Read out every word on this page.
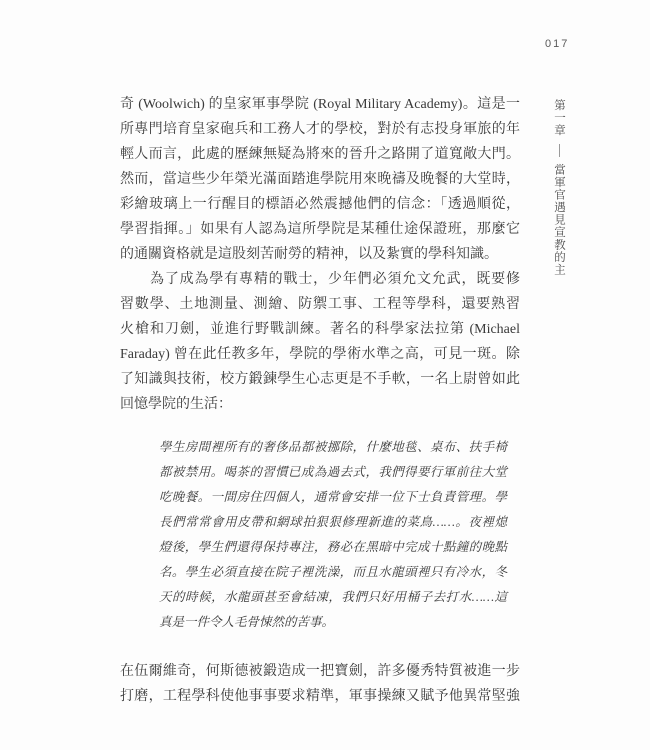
017
第一章當軍官遇見宣教的主
奇 (Woolwich) 的皇家軍事學院 (Royal Military Academy)。這是一
所專門培育皇家砲兵和工務人才的學校，對於有志投身軍旅的年
輕人而言，此處的歷練無疑為將來的晉升之路開了道寬敞大門。
然而，當這些少年榮光滿面踏進學院用來晚禱及晚餐的大堂時，
彩繪玻璃上一行醒目的標語必然震撼他們的信念：「透過順從，
學習指揮。」如果有人認為這所學院是某種仕途保證班，那麼它
的通關資格就是這股刻苦耐勞的精神，以及紮實的學科知識。
為了成為學有專精的戰士，少年們必須允文允武，既要修
習數學、土地測量、測繪、防禦工事、工程等學科，還要熟習
火槍和刀劍，並進行野戰訓練。著名的科學家法拉第 (Michael
Faraday) 曾在此任教多年，學院的學術水準之高，可見一斑。除
了知識與技術，校方鍛鍊學生心志更是不手軟，一名上尉曾如此
回憶學院的生活：
學生房間裡所有的奢侈品都被挪除，什麼地毯、桌布、扶手椅
都被禁用。喝茶的習慣已成為過去式，我們得要行軍前往大堂
吃晚餐。一間房住四個人，通常會安排一位下士負責管理。學
長們常常會用皮帶和網球拍狠狠修理新進的菜鳥……。夜裡熄
燈後，學生們還得保持專注，務必在黑暗中完成十點鐘的晚點
名。學生必須直接在院子裡洗澡，而且水龍頭裡只有冷水，冬
天的時候，水龍頭甚至會結凍，我們只好用桶子去打水……這
真是一件令人毛骨悚然的苦事。
在伍爾維奇，何斯德被鍛造成一把寶劍，許多優秀特質被進一步
打磨，工程學科使他事事要求精準，軍事操練又賦予他異常堅強
